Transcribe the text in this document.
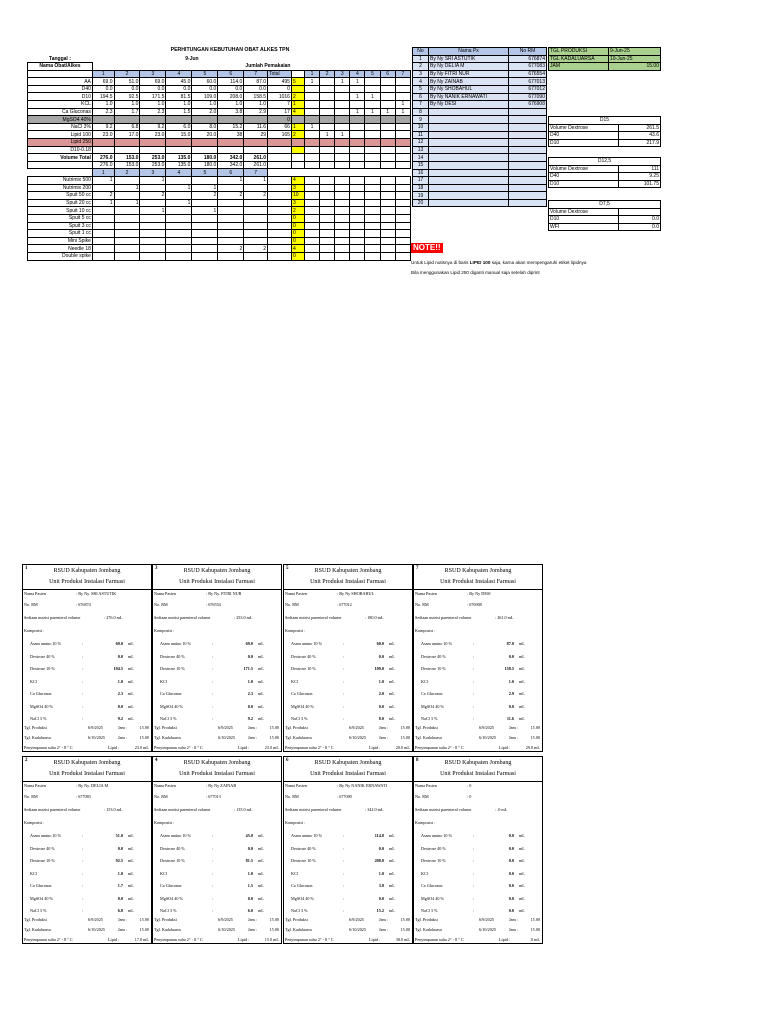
PERHITUNGAN KEBUTUHAN OBAT ALKES TPN
Tanggal :	9-Jun															
Nama Obat/Alkes	Jumlah Pemakaian															
	1	2	3	4	5	6	7	Total		1	2	3	4	5	6	7
AA	69.0	51.0	69.0	45.0	60.0	114.0	87.0	495	5	1		1	1			
D40	0.0	0.0	0.0	0.0	0.0	0.0	0.0	0								
D10	194.5	92.5	171.5	81.5	109.0	208.0	158.5	1016	2				1	1		
KCL	1.0	1.0	1.0	1.0	1.0	1.0	1.0	7	1							1
Ca Gluconas	2.3	1.7	2.3	1.5	2.0	3.8	2.9	17	4				1	1	1	1
MgSO4 40%								0								
NaCl 3%	9.2	6.8	9.2	6.0	8.0	15.2	11.6	66	1	1						
Lipid 100	23.0	17.0	23.0	15.0	20.0	38	29	165	2		1	1				
Lipid 250																
D10-0.18																
Volume Total	276.0	153.0	253.0	135.0	180.0	342.0	261.0									
	276.0	153.0	253.0	135.0	180.0	342.0	261.0									
	1	2	3	4	5	6	7									
Nutrimix 500	1		1			1	1		4							
Nutrimix 200		1		1	1				3							
Spuit 50 cc	2		2		2	2	2		10							
Spuit 20 cc	1	1		1					3							
Spuit 10 cc			1		1				2							
Spuit 5 cc									0							
Spuit 3 cc									0							
Spuit 1 cc									0							
Mini Spike									0							
Needle 18						2	2		4							
Double spike									0							
No	Nama Px	No RM
1	By Ny SRI ASTUTIK	676874
2	By Ny DELIA M	677083
3	By Ny FITRI NUR	676554
4	By Ny ZAINAB	677013
5	By Ny SHOBAHUL	677012
6	By Ny NANIK ERNAWATI	677090
7	By Ny DESI	676908
8		
9		
10		
11		
12		
13		
14		
15		
16		
17		
18		
19		
20		
TGL PRODUKSI	9-Jun-25
TGL KADALUARSA	10-Jun-25
JAM	15.00
D15	
Volume Dextrose	261.5
D40	43.6
D10	217.9
D12,5	
Volume Dextrose	111
D40	9.25
D10	101.75
D7,5	
Volume Dextrose	
D10	0.0
WFI	0.0
NOTE!!
Untuk Lipid nutisnya di baris LIPID 100 saja, karna akan mempengaruhi etiket lipidnya
Bila menggunakan Lipid 250 diganti manual saja setelah diprint
1	RSUD Kabupaten Jombang
Unit Produksi Instalasi Farmasi
Nama Pasien	: By Ny. SRI ASTUTIK
No. RM	: 676874
Sediaan nutrisi parenteral volume	: 276.0 mL
Komposisi :
Asam amino 10 %	:	69.0 mL
Dextrose 40 %	:	0.0 mL
Dextrose 10 %	:	194.5 mL
KCl	:	1.0 mL
Ca Gluconas	:	2.3 mL
MgSO4 40 %	:	0.0 mL
NaCl 3 %	:	9.2 mL
Tgl. Produksi	6/9/2025	Jam :	15.00
Tgl. Kadaluarsa	6/10/2025	Jam :	15.00
Penyimpanan suhu 2° - 8 ° C	Lipid :	23.0 mL
3	RSUD Kabupaten Jombang
Unit Produksi Instalasi Farmasi
Nama Pasien	: By Ny. FITRI NUR
No. RM	: 676554
Sediaan nutrisi parenteral volume	: 253.0 mL
Komposisi :
Asam amino 10 %	:	69.0 mL
Dextrose 40 %	:	0.0 mL
Dextrose 10 %	:	171.5 mL
KCl	:	1.0 mL
Ca Gluconas	:	2.3 mL
MgSO4 40 %	:	0.0 mL
NaCl 3 %	:	9.2 mL
Tgl. Produksi	6/9/2025	Jam :	15.00
Tgl. Kadaluarsa	6/10/2025	Jam :	15.00
Penyimpanan suhu 2° - 8 ° C	Lipid :	23.0 mL
5	RSUD Kabupaten Jombang
Unit Produksi Instalasi Farmasi
Nama Pasien	: By Ny SHOBAHUL
No. RM	: 677012
Sediaan nutrisi parenteral volume	: 180.0 mL
Komposisi :
Asam amino 10 %	:	60.0 mL
Dextrose 40 %	:	0.0 mL
Dextrose 10 %	:	109.0 mL
KCl	:	1.0 mL
Ca Gluconas	:	2.0 mL
MgSO4 40 %	:	0.0 mL
NaCl 3 %	:	8.0 mL
Tgl. Produksi	6/9/2025	Jam :	15.00
Tgl. Kadaluarsa	6/10/2025	Jam :	15.00
Penyimpanan suhu 2° - 8 ° C	Lipid :	20.0 mL
7	RSUD Kabupaten Jombang
Unit Produksi Instalasi Farmasi
Nama Pasien	: By Ny DESI
No. RM	: 676908
Sediaan nutrisi parenteral volume	: 261.0 mL
Komposisi :
Asam amino 10 %	:	87.0 mL
Dextrose 40 %	:	0.0 mL
Dextrose 10 %	:	158.5 mL
KCl	:	1.0 mL
Ca Gluconas	:	2.9 mL
MgSO4 40 %	:	0.0 mL
NaCl 3 %	:	11.6 mL
Tgl. Produksi	6/9/2025	Jam :	15.00
Tgl. Kadaluarsa	6/10/2025	Jam :	15.00
Penyimpanan suhu 2° - 8 ° C	Lipid :	29.0 mL
2	RSUD Kabupaten Jombang
Unit Produksi Instalasi Farmasi
Nama Pasien	: By Ny. DELIA M
No. RM	: 677083
Sediaan nutrisi parenteral volume	: 153.0 mL
Komposisi :
Asam amino 10 %	:	51.0 mL
Dextrose 40 %	:	0.0 mL
Dextrose 10 %	:	92.5 mL
KCl	:	1.0 mL
Ca Gluconas	:	1.7 mL
MgSO4 40 %	:	0.0 mL
NaCl 3 %	:	6.8 mL
Tgl. Produksi	6/9/2025	Jam :	15.00
Tgl. Kadaluarsa	6/10/2025	Jam :	15.00
Penyimpanan suhu 2° - 8 ° C	Lipid :	17.0 mL
4	RSUD Kabupaten Jombang
Unit Produksi Instalasi Farmasi
Nama Pasien	: By Ny ZAINAB
No. RM	: 677013
Sediaan nutrisi parenteral volume	: 135.0 mL
Komposisi :
Asam amino 10 %	:	45.0 mL
Dextrose 40 %	:	0.0 mL
Dextrose 10 %	:	81.5 mL
KCl	:	1.0 mL
Ca Gluconas	:	1.5 mL
MgSO4 40 %	:	0.0 mL
NaCl 3 %	:	6.0 mL
Tgl. Produksi	6/9/2025	Jam :	15.00
Tgl. Kadaluarsa	6/10/2025	Jam :	15.00
Penyimpanan suhu 2° - 8 ° C	Lipid :	15.0 mL
6	RSUD Kabupaten Jombang
Unit Produksi Instalasi Farmasi
Nama Pasien	: By Ny NANIK ERNAWATI
No. RM	: 677090
Sediaan nutrisi parenteral volume	: 342.0 mL
Komposisi :
Asam amino 10 %	:	114.0 mL
Dextrose 40 %	:	0.0 mL
Dextrose 10 %	:	208.0 mL
KCl	:	1.0 mL
Ca Gluconas	:	3.8 mL
MgSO4 40 %	:	0.0 mL
NaCl 3 %	:	15.2 mL
Tgl. Produksi	6/9/2025	Jam :	15.00
Tgl. Kadaluarsa	6/10/2025	Jam :	15.00
Penyimpanan suhu 2° - 8 ° C	Lipid :	38.0 mL
8	RSUD Kabupaten Jombang
Unit Produksi Instalasi Farmasi
Nama Pasien	: 0
No. RM	: 0
Sediaan nutrisi parenteral volume	: .0 mL
Komposisi :
Asam amino 10 %	:	0.0 mL
Dextrose 40 %	:	0.0 mL
Dextrose 10 %	:	0.0 mL
KCl	:	0.0 mL
Ca Gluconas	:	0.0 mL
MgSO4 40 %	:	0.0 mL
NaCl 3 %	:	0.0 mL
Tgl. Produksi	6/9/2025	Jam :	15.00
Tgl. Kadaluarsa	6/10/2025	Jam :	15.00
Penyimpanan suhu 2° - 8 ° C	Lipid :	.0 mL
